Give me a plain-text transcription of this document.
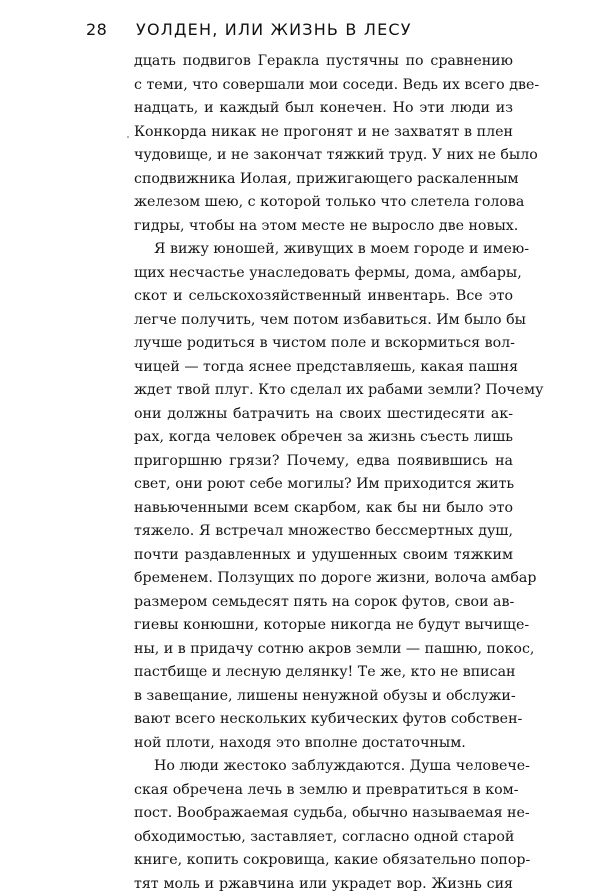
28	УОЛДЕН, ИЛИ ЖИЗНЬ В ЛЕСУ
дцать подвигов Геракла пустячны по сравнению
с теми, что совершали мои соседи. Ведь их всего две-
надцать, и каждый был конечен. Но эти люди из
Конкорда никак не прогонят и не захватят в плен
чудовище, и не закончат тяжкий труд. У них не было
сподвижника Иолая, прижигающего раскаленным
железом шею, с которой только что слетела голова
гидры, чтобы на этом месте не выросло две новых.
Я вижу юношей, живущих в моем городе и имею-
щих несчастье унаследовать фермы, дома, амбары,
скот и сельскохозяйственный инвентарь. Все это
легче получить, чем потом избавиться. Им было бы
лучше родиться в чистом поле и вскормиться вол-
чицей — тогда яснее представляешь, какая пашня
ждет твой плуг. Кто сделал их рабами земли? Почему
они должны батрачить на своих шестидесяти ак-
рах, когда человек обречен за жизнь съесть лишь
пригоршню грязи? Почему, едва появившись на
свет, они роют себе могилы? Им приходится жить
навьюченными всем скарбом, как бы ни было это
тяжело. Я встречал множество бессмертных душ,
почти раздавленных и удушенных своим тяжким
бременем. Ползущих по дороге жизни, волоча амбар
размером семьдесят пять на сорок футов, свои ав-
гиевы конюшни, которые никогда не будут вычище-
ны, и в придачу сотню акров земли — пашню, покос,
пастбище и лесную делянку! Те же, кто не вписан
в завещание, лишены ненужной обузы и обслужи-
вают всего нескольких кубических футов собствен-
ной плоти, находя это вполне достаточным.
Но люди жестоко заблуждаются. Душа человече-
ская обречена лечь в землю и превратиться в ком-
пост. Воображаемая судьба, обычно называемая не-
обходимостью, заставляет, согласно одной старой
книге, копить сокровища, какие обязательно попор-
тят моль и ржавчина или украдет вор. Жизнь сия
